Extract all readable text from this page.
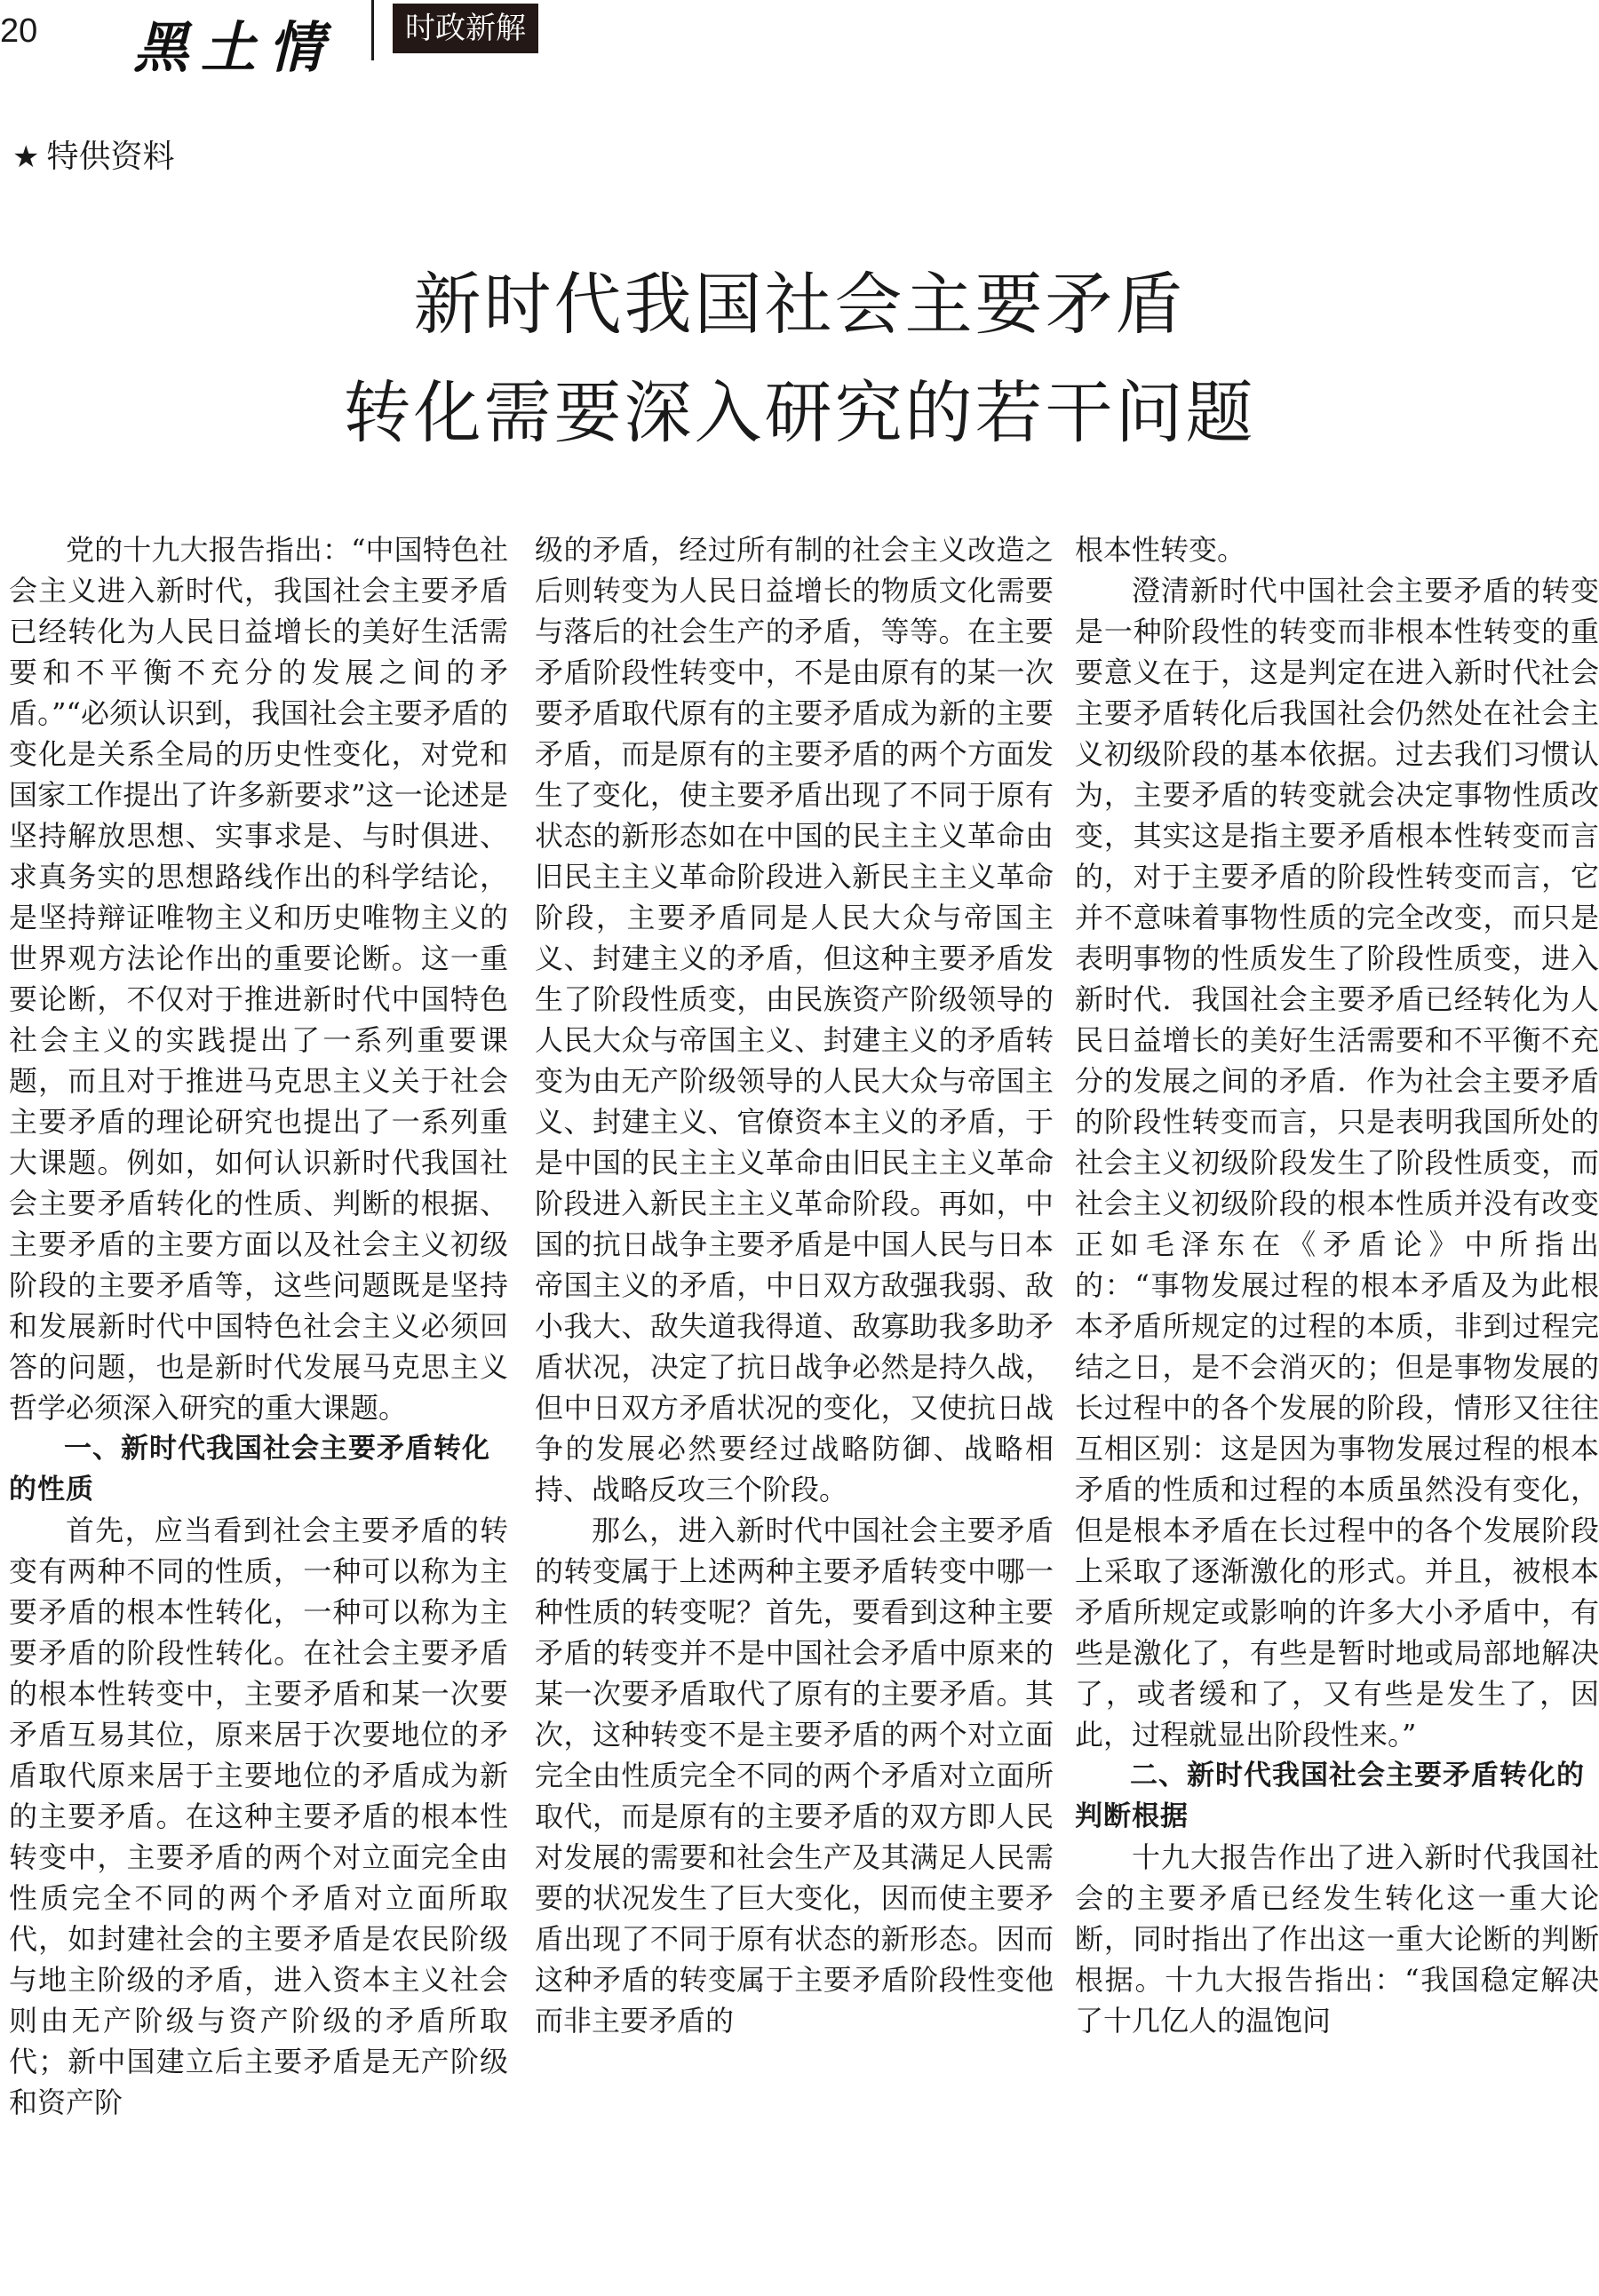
20 黑土情	时政新解
★ 特供资料
新时代我国社会主要矛盾
转化需要深入研究的若干问题

党的十九大报告指出：“中国特色社会主义进入新时代，我国社会主要矛盾已经转化为人民日益增长的美好生活需要和不平衡不充分的发展之间的矛盾。”“必须认识到，我国社会主要矛盾的变化是关系全局的历史性变化，对党和国家工作提出了许多新要求”这一论述是坚持解放思想、实事求是、与时俱进、求真务实的思想路线作出的科学结论，是坚持辩证唯物主义和历史唯物主义的世界观方法论作出的重要论断。这一重要论断，不仅对于推进新时代中国特色社会主义的实践提出了一系列重要课题，而且对于推进马克思主义关于社会主要矛盾的理论研究也提出了一系列重大课题。例如，如何认识新时代我国社会主要矛盾转化的性质、判断的根据、主要矛盾的主要方面以及社会主义初级阶段的主要矛盾等，这些问题既是坚持和发展新时代中国特色社会主义必须回答的问题，也是新时代发展马克思主义哲学必须深入研究的重大课题。

一、新时代我国社会主要矛盾转化的性质

首先，应当看到社会主要矛盾的转变有两种不同的性质，一种可以称为主要矛盾的根本性转化，一种可以称为主要矛盾的阶段性转化。在社会主要矛盾的根本性转变中，主要矛盾和某一次要矛盾互易其位，原来居于次要地位的矛盾取代原来居于主要地位的矛盾成为新的主要矛盾。在这种主要矛盾的根本性转变中，主要矛盾的两个对立面完全由性质完全不同的两个矛盾对立面所取代，如封建社会的主要矛盾是农民阶级与地主阶级的矛盾，进入资本主义社会则由无产阶级与资产阶级的矛盾所取代；新中国建立后主要矛盾是无产阶级和资产阶

级的矛盾，经过所有制的社会主义改造之后则转变为人民日益增长的物质文化需要与落后的社会生产的矛盾，等等。在主要矛盾阶段性转变中，不是由原有的某一次要矛盾取代原有的主要矛盾成为新的主要矛盾，而是原有的主要矛盾的两个方面发生了变化，使主要矛盾出现了不同于原有状态的新形态如在中国的民主主义革命由旧民主主义革命阶段进入新民主主义革命阶段，主要矛盾同是人民大众与帝国主义、封建主义的矛盾，但这种主要矛盾发生了阶段性质变，由民族资产阶级领导的人民大众与帝国主义、封建主义的矛盾转变为由无产阶级领导的人民大众与帝国主义、封建主义、官僚资本主义的矛盾，于是中国的民主主义革命由旧民主主义革命阶段进入新民主主义革命阶段。再如，中国的抗日战争主要矛盾是中国人民与日本帝国主义的矛盾，中日双方敌强我弱、敌小我大、敌失道我得道、敌寡助我多助矛盾状况，决定了抗日战争必然是持久战，但中日双方矛盾状况的变化，又使抗日战争的发展必然要经过战略防御、战略相持、战略反攻三个阶段。

那么，进入新时代中国社会主要矛盾的转变属于上述两种主要矛盾转变中哪一种性质的转变呢？首先，要看到这种主要矛盾的转变并不是中国社会矛盾中原来的某一次要矛盾取代了原有的主要矛盾。其次，这种转变不是主要矛盾的两个对立面完全由性质完全不同的两个矛盾对立面所取代，而是原有的主要矛盾的双方即人民对发展的需要和社会生产及其满足人民需要的状况发生了巨大变化，因而使主要矛盾出现了不同于原有状态的新形态。因而这种矛盾的转变属于主要矛盾阶段性变他而非主要矛盾的

根本性转变。

澄清新时代中国社会主要矛盾的转变是一种阶段性的转变而非根本性转变的重要意义在于，这是判定在进入新时代社会主要矛盾转化后我国社会仍然处在社会主义初级阶段的基本依据。过去我们习惯认为，主要矛盾的转变就会决定事物性质改变，其实这是指主要矛盾根本性转变而言的，对于主要矛盾的阶段性转变而言，它并不意味着事物性质的完全改变，而只是表明事物的性质发生了阶段性质变，进入新时代．我国社会主要矛盾已经转化为人民日益增长的美好生活需要和不平衡不充分的发展之间的矛盾．作为社会主要矛盾的阶段性转变而言，只是表明我国所处的社会主义初级阶段发生了阶段性质变，而社会主义初级阶段的根本性质并没有改变正如毛泽东在《矛盾论》中所指出的：“事物发展过程的根本矛盾及为此根本矛盾所规定的过程的本质，非到过程完结之日，是不会消灭的；但是事物发展的长过程中的各个发展的阶段，情形又往往互相区别：这是因为事物发展过程的根本矛盾的性质和过程的本质虽然没有变化，但是根本矛盾在长过程中的各个发展阶段上采取了逐渐激化的形式。并且，被根本矛盾所规定或影响的许多大小矛盾中，有些是激化了，有些是暂时地或局部地解决了，或者缓和了，又有些是发生了，因此，过程就显出阶段性来。”

二、新时代我国社会主要矛盾转化的判断根据

十九大报告作出了进入新时代我国社会的主要矛盾已经发生转化这一重大论断，同时指出了作出这一重大论断的判断根据。十九大报告指出：“我国稳定解决了十几亿人的温饱问
